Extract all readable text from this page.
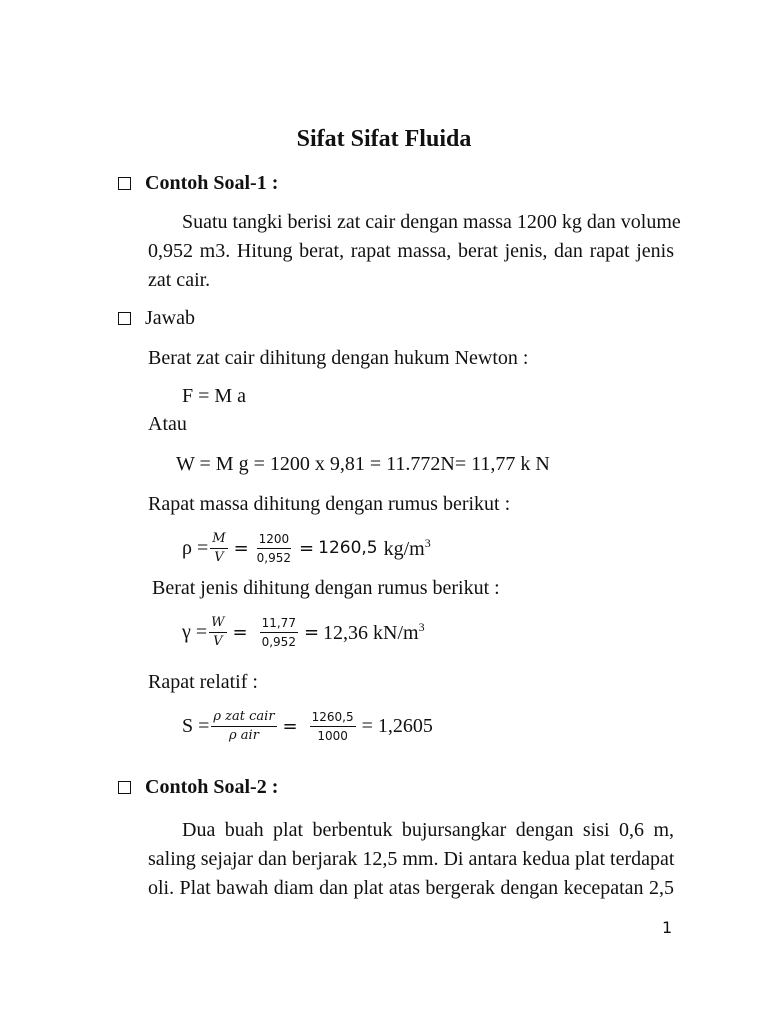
Sifat Sifat Fluida
Contoh Soal-1 :
Suatu tangki berisi zat cair dengan massa 1200 kg dan volume
0,952 m3. Hitung berat, rapat massa, berat jenis, dan rapat jenis
zat cair.
Jawab
Berat zat cair dihitung dengan hukum Newton :
F = M a
Atau
W = M g = 1200 x 9,81 = 11.772N= 11,77 k N
Rapat massa dihitung dengan rumus berikut :
$\rho = \frac{M}{V} = \frac{1200}{0,952} = 1260,5$ $kg/m^3$
Berat jenis dihitung dengan rumus berikut :
$\gamma = \frac{W}{V} = \frac{11,77}{0,952} = 12,36$ $kN/m^3$
Rapat relatif :
$S = \frac{\text{ρ zat cair}}{\text{ρ air}} = \frac{1260,5}{1000} = 1,2605$
Contoh Soal-2 :
Dua buah plat berbentuk bujursangkar dengan sisi 0,6 m,
saling sejajar dan berjarak 12,5 mm. Di antara kedua plat terdapat
oli. Plat bawah diam dan plat atas bergerak dengan kecepatan 2,5
1
